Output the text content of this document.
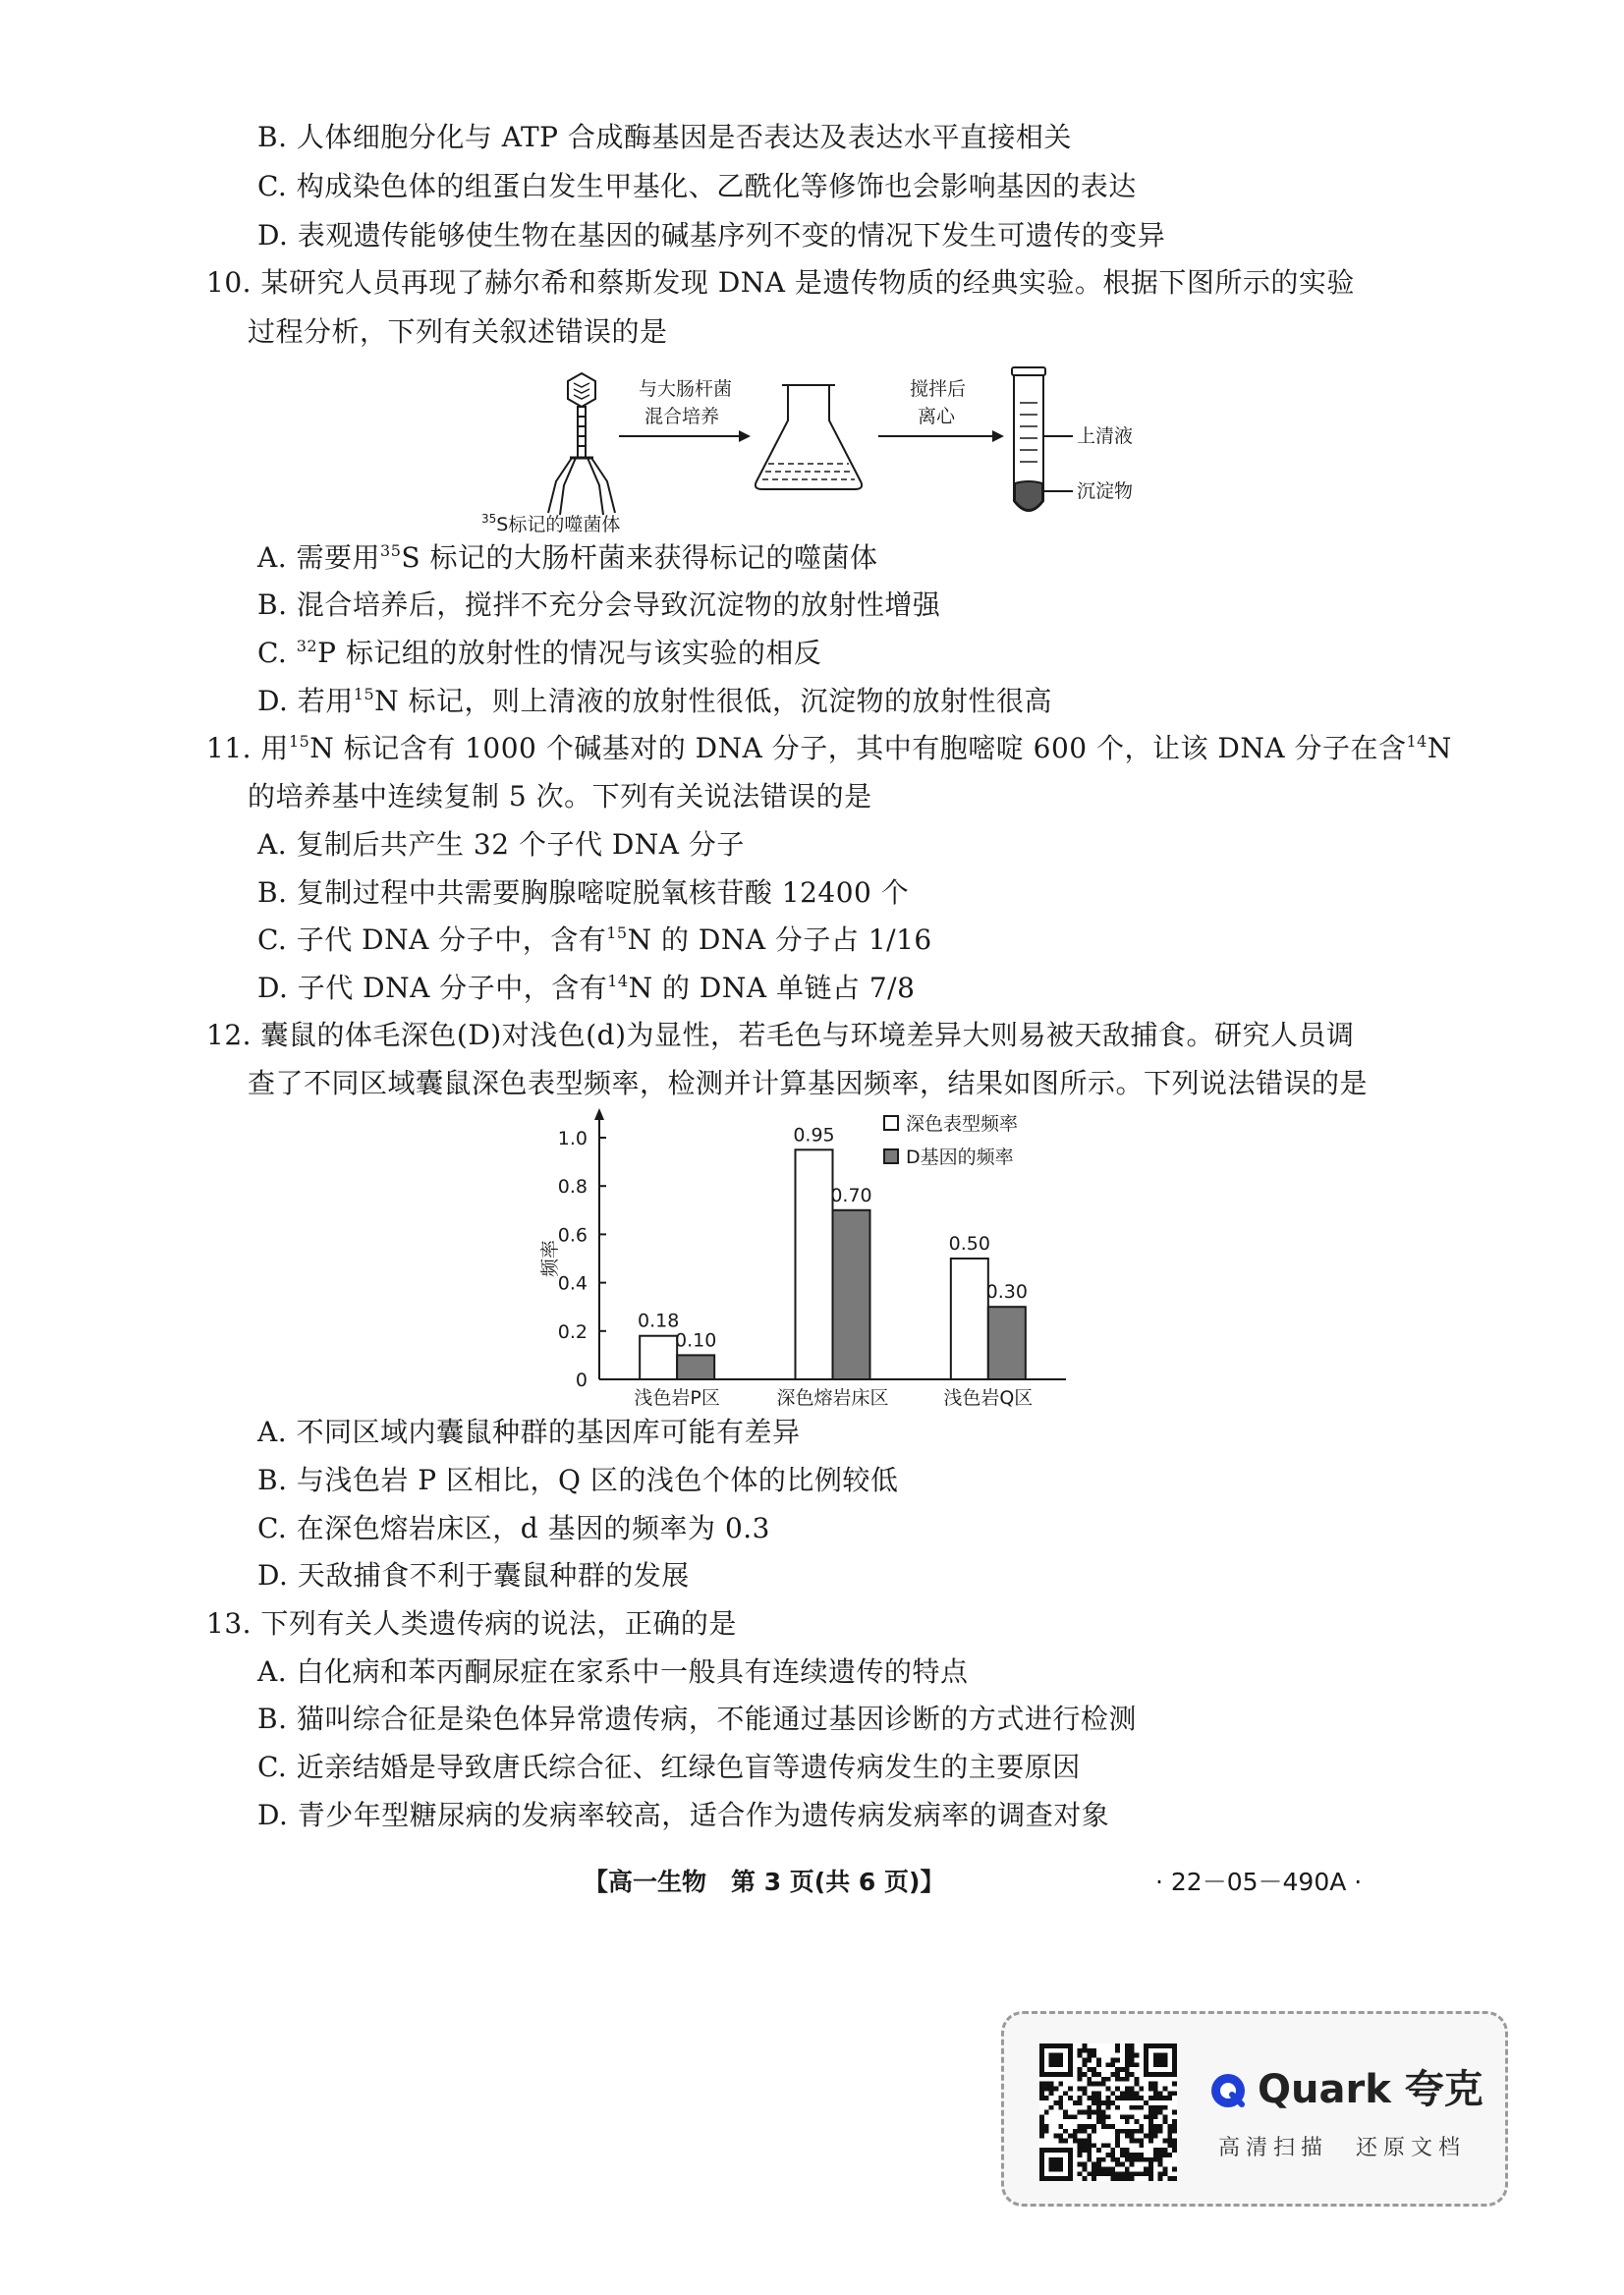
B. 人体细胞分化与 ATP 合成酶基因是否表达及表达水平直接相关
C. 构成染色体的组蛋白发生甲基化、乙酰化等修饰也会影响基因的表达
D. 表观遗传能够使生物在基因的碱基序列不变的情况下发生可遗传的变异
10. 某研究人员再现了赫尔希和蔡斯发现 DNA 是遗传物质的经典实验。根据下图所示的实验
过程分析，下列有关叙述错误的是
$^{35}$S标记的噬菌体
与大肠杆菌
混合培养
搅拌后
离心
上清液
沉淀物
A. 需要用$^{35}$S 标记的大肠杆菌来获得标记的噬菌体
B. 混合培养后，搅拌不充分会导致沉淀物的放射性增强
C. $^{32}$P 标记组的放射性的情况与该实验的相反
D. 若用$^{15}$N 标记，则上清液的放射性很低，沉淀物的放射性很高
11. 用$^{15}$N 标记含有 1000 个碱基对的 DNA 分子，其中有胞嘧啶 600 个，让该 DNA 分子在含$^{14}$N
的培养基中连续复制 5 次。下列有关说法错误的是
A. 复制后共产生 32 个子代 DNA 分子
B. 复制过程中共需要胸腺嘧啶脱氧核苷酸 12400 个
C. 子代 DNA 分子中，含有$^{15}$N 的 DNA 分子占 1/16
D. 子代 DNA 分子中，含有$^{14}$N 的 DNA 单链占 7/8
12. 囊鼠的体毛深色(D)对浅色(d)为显性，若毛色与环境差异大则易被天敌捕食。研究人员调
查了不同区域囊鼠深色表型频率，检测并计算基因频率，结果如图所示。下列说法错误的是
0
0.2
0.4
0.6
0.8
1.0
频率
浅色岩P区
0.18
0.10
深色熔岩床区
0.95
0.70
浅色岩Q区
0.50
0.30
深色表型频率
D基因的频率
A. 不同区域内囊鼠种群的基因库可能有差异
B. 与浅色岩 P 区相比，Q 区的浅色个体的比例较低
C. 在深色熔岩床区，d 基因的频率为 0.3
D. 天敌捕食不利于囊鼠种群的发展
13. 下列有关人类遗传病的说法，正确的是
A. 白化病和苯丙酮尿症在家系中一般具有连续遗传的特点
B. 猫叫综合征是染色体异常遗传病，不能通过基因诊断的方式进行检测
C. 近亲结婚是导致唐氏综合征、红绿色盲等遗传病发生的主要原因
D. 青少年型糖尿病的发病率较高，适合作为遗传病发病率的调查对象
【高一生物　第 3 页(共 6 页)】	· 22－05－490A ·
Quark 夸克
高清扫描　还原文档
